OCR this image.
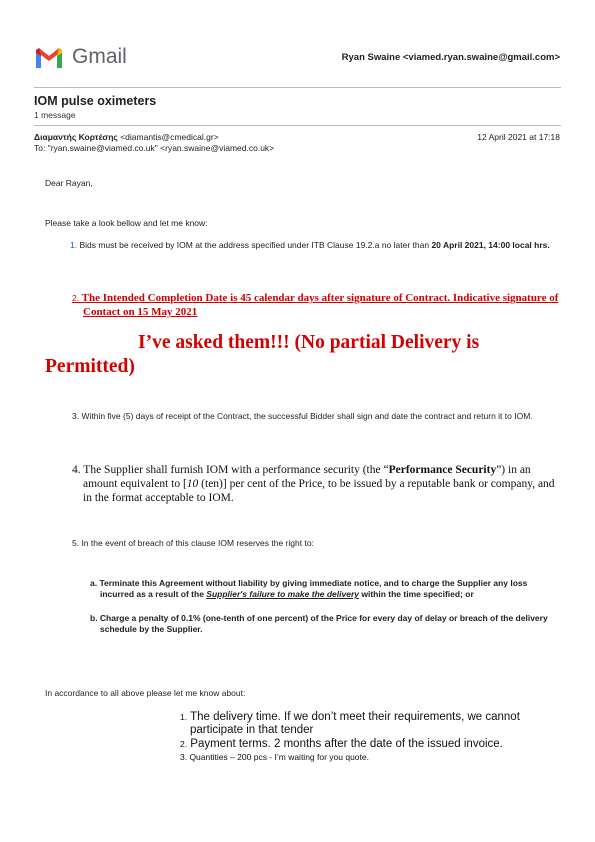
Gmail	Ryan Swaine <viamed.ryan.swaine@gmail.com>
IOM pulse oximeters
1 message
Διαμαντής Κορτέσης <diamantis@cmedical.gr>	12 April 2021 at 17:18
To: "ryan.swaine@viamed.co.uk" <ryan.swaine@viamed.co.uk>
Dear Rayan,
Please take a look bellow and let me know:
1. Bids must be received by IOM at the address specified under ITB Clause 19.2.a no later than 20 April 2021, 14:00 local hrs.
2. The Intended Completion Date is 45 calendar days after signature of Contract. Indicative signature of Contact on 15 May 2021
I’ve asked them!!! (No partial Delivery is
Permitted)
3. Within five (5) days of receipt of the Contract, the successful Bidder shall sign and date the contract and return it to IOM.
4. The Supplier shall furnish IOM with a performance security (the “Performance Security”) in an amount equivalent to [10 (ten)] per cent of the Price, to be issued by a reputable bank or company, and in the format acceptable to IOM.
5. In the event of breach of this clause IOM reserves the right to:
a. Terminate this Agreement without liability by giving immediate notice, and to charge the Supplier any loss incurred as a result of the Supplier's failure to make the delivery within the time specified; or
b. Charge a penalty of 0.1% (one-tenth of one percent) of the Price for every day of delay or breach of the delivery schedule by the Supplier.
In accordance to all above please let me know about:
1. The delivery time. If we don’t meet their requirements, we cannot participate in that tender
2. Payment terms. 2 months after the date of the issued invoice.
3. Quantities – 200 pcs - I’m waiting for you quote.
